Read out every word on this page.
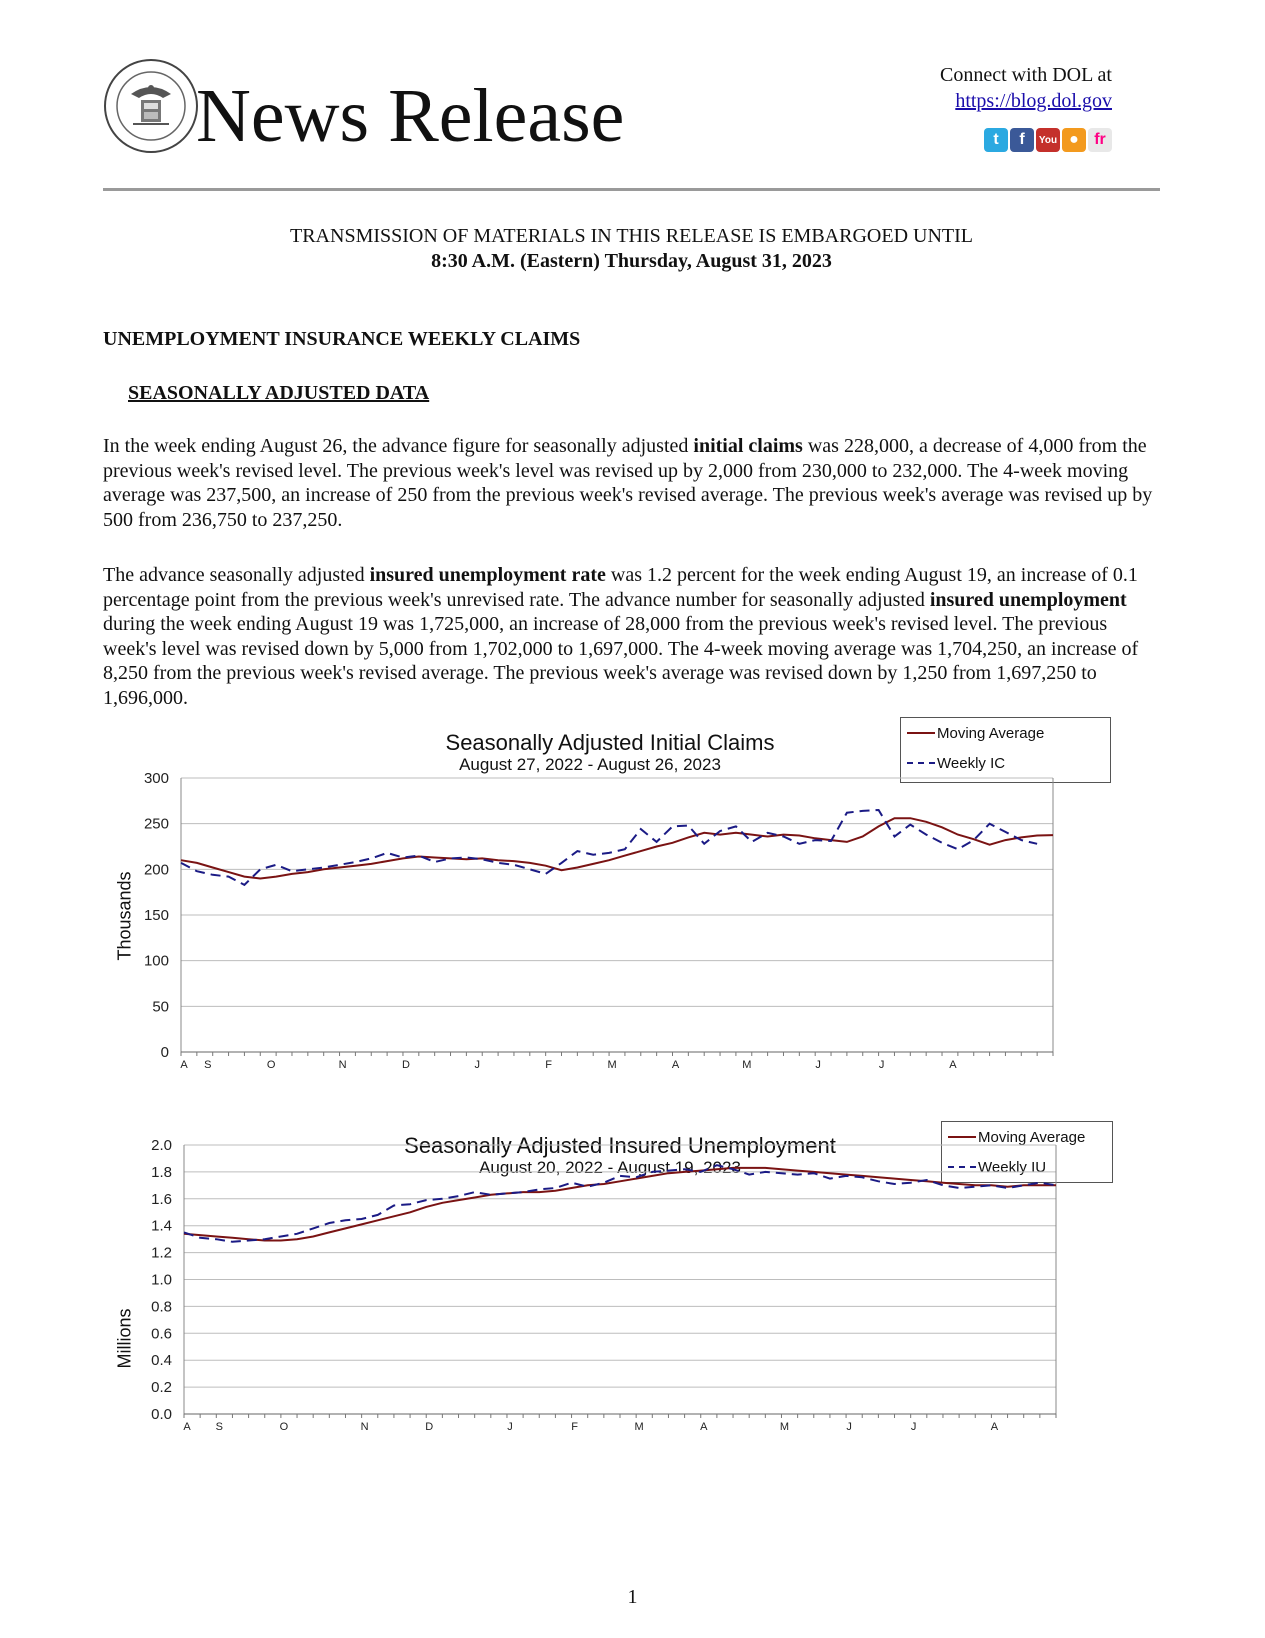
News Release	Connect with DOL at
https://blog.dol.gov
t	f	You ● fr
TRANSMISSION OF MATERIALS IN THIS RELEASE IS EMBARGOED UNTIL
8:30 A.M. (Eastern) Thursday, August 31, 2023
UNEMPLOYMENT INSURANCE WEEKLY CLAIMS
SEASONALLY ADJUSTED DATA
In the week ending August 26, the advance figure for seasonally adjusted initial claims was 228,000, a decrease of 4,000 from the previous week's revised level. The previous week's level was revised up by 2,000 from 230,000 to 232,000. The 4-week moving average was 237,500, an increase of 250 from the previous week's revised average. The previous week's average was revised up by 500 from 236,750 to 237,250.
The advance seasonally adjusted insured unemployment rate was 1.2 percent for the week ending August 19, an increase of 0.1 percentage point from the previous week's unrevised rate. The advance number for seasonally adjusted insured unemployment during the week ending August 19 was 1,725,000, an increase of 28,000 from the previous week's revised level. The previous week's level was revised down by 5,000 from 1,702,000 to 1,697,000. The 4-week moving average was 1,704,250, an increase of 8,250 from the previous week's revised average. The previous week's average was revised down by 1,250 from 1,697,250 to 1,696,000.
Seasonally Adjusted Initial Claims
August 27, 2022 - August 26, 2023
Moving Average
Weekly IC
Thousands
0
50
100
150
200
250
300
A S	O	N	D	J	F	M	A	M	J	J	A
Seasonally Adjusted Insured Unemployment
August 20, 2022 - August 19, 2023
Moving Average
Weekly IU
Millions
0.0
0.2
0.4
0.6
0.8
1.0
1.2
1.4
1.6
1.8
2.0
A S	O	N	D	J	F	M	A	M	J	J	A
1
